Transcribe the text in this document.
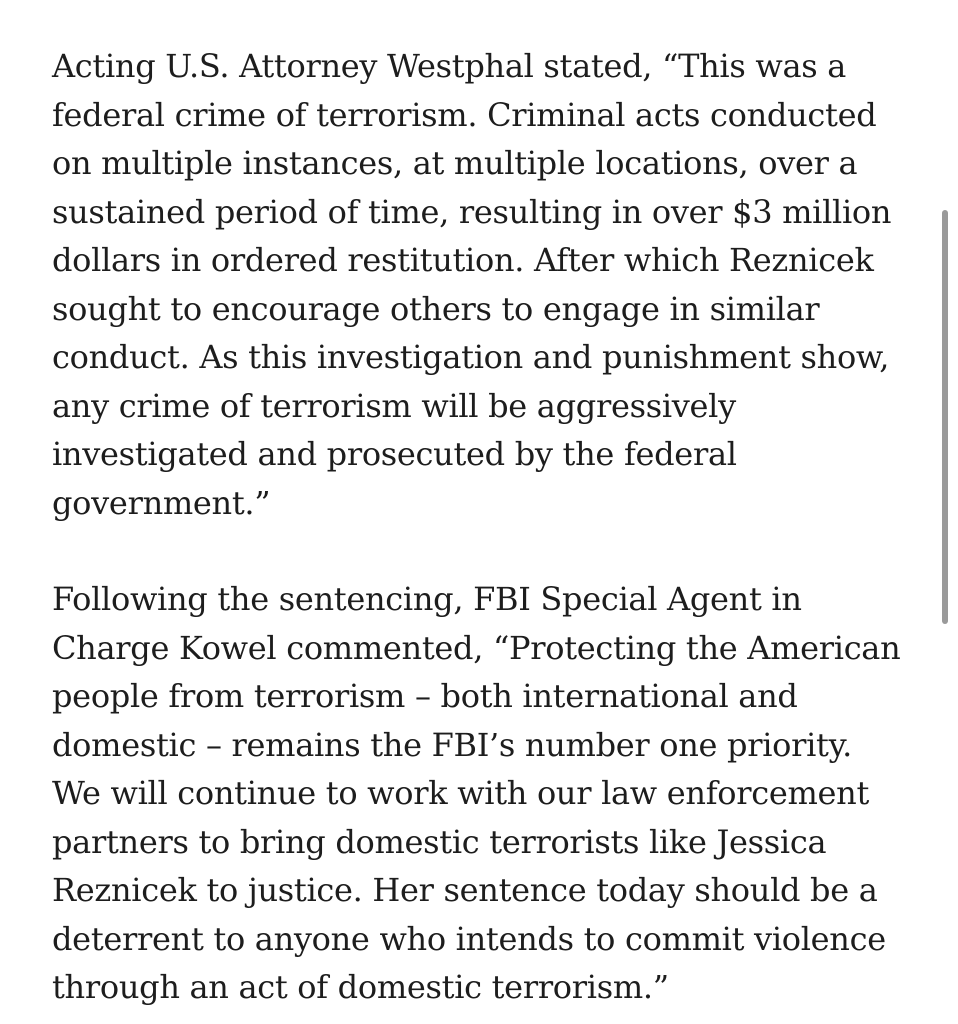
Acting U.S. Attorney Westphal stated, “This was a
federal crime of terrorism. Criminal acts conducted
on multiple instances, at multiple locations, over a
sustained period of time, resulting in over $3 million
dollars in ordered restitution. After which Reznicek
sought to encourage others to engage in similar
conduct. As this investigation and punishment show,
any crime of terrorism will be aggressively
investigated and prosecuted by the federal
government.”

Following the sentencing, FBI Special Agent in
Charge Kowel commented, “Protecting the American
people from terrorism – both international and
domestic – remains the FBI’s number one priority.
We will continue to work with our law enforcement
partners to bring domestic terrorists like Jessica
Reznicek to justice. Her sentence today should be a
deterrent to anyone who intends to commit violence
through an act of domestic terrorism.”
